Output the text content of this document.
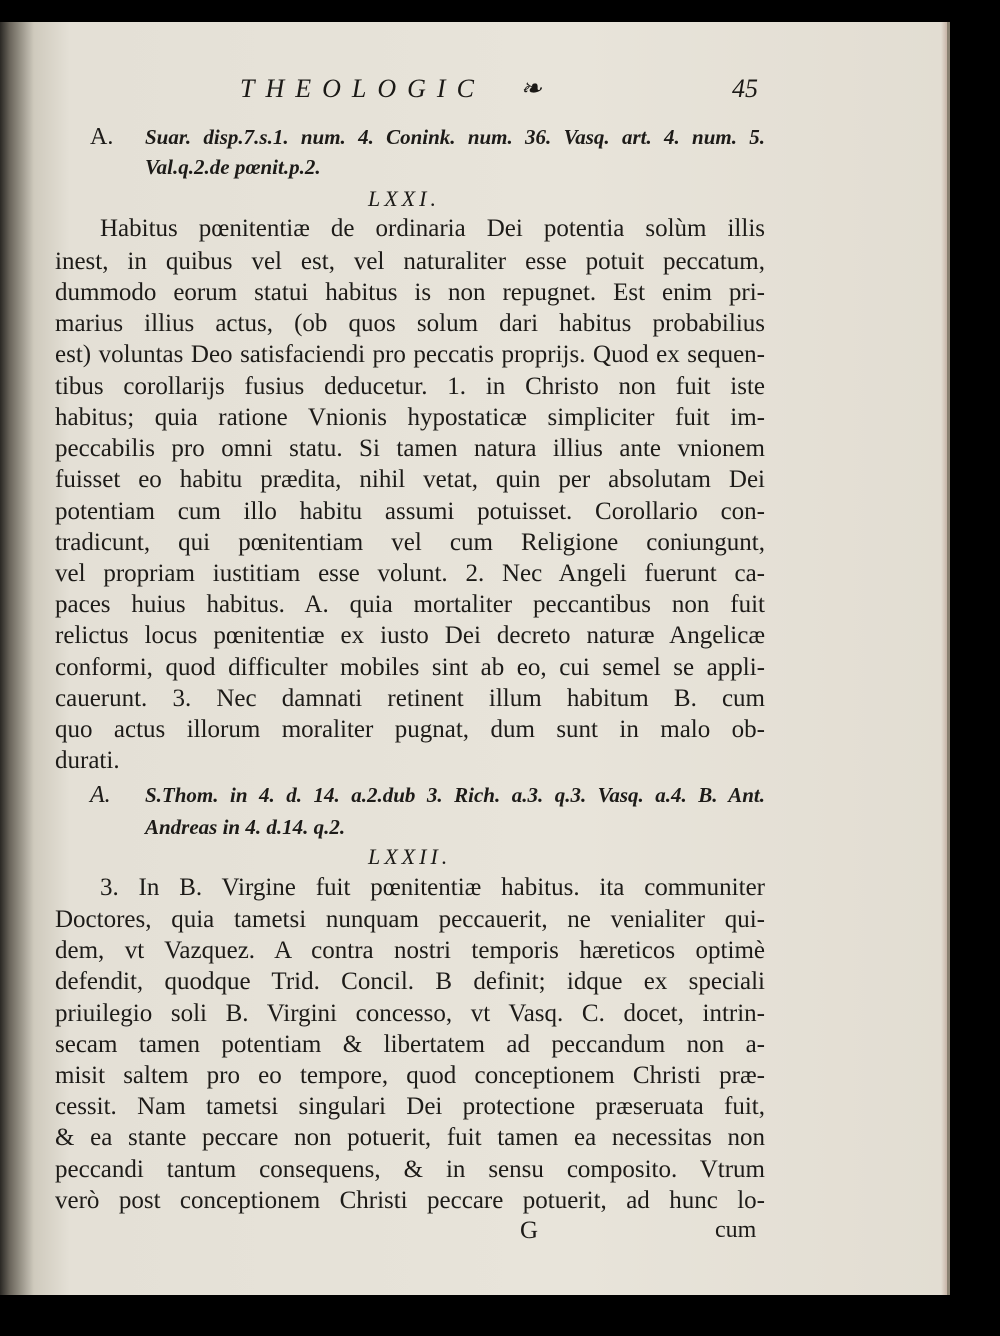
THEOLOGIC ❧	45
A. Suar. disp.7.s.1. num. 4. Conink. num. 36. Vasq. art. 4. num. 5.
Val.q.2.de pœnit.p.2.
LXXI.
Habitus pœnitentiæ de ordinaria Dei potentia solùm illis
inest, in quibus vel est, vel naturaliter esse potuit peccatum,
dummodo eorum statui habitus is non repugnet. Est enim pri-
marius illius actus, (ob quos solum dari habitus probabilius
est) voluntas Deo satisfaciendi pro peccatis proprijs. Quod ex sequen-
tibus corollarijs fusius deducetur. 1. in Christo non fuit iste
habitus; quia ratione Vnionis hypostaticæ simpliciter fuit im-
peccabilis pro omni statu. Si tamen natura illius ante vnionem
fuisset eo habitu prædita, nihil vetat, quin per absolutam Dei
potentiam cum illo habitu assumi potuisset. Corollario con-
tradicunt, qui pœnitentiam vel cum Religione coniungunt,
vel propriam iustitiam esse volunt. 2. Nec Angeli fuerunt ca-
paces huius habitus. A. quia mortaliter peccantibus non fuit
relictus locus pœnitentiæ ex iusto Dei decreto naturæ Angelicæ
conformi, quod difficulter mobiles sint ab eo, cui semel se appli-
cauerunt. 3. Nec damnati retinent illum habitum B. cum
quo actus illorum moraliter pugnat, dum sunt in malo ob-
durati.
A. S.Thom. in 4. d. 14. a.2.dub 3. Rich. a.3. q.3. Vasq. a.4. B. Ant.
Andreas in 4. d.14. q.2.
LXXII.
3. In B. Virgine fuit pœnitentiæ habitus. ita communiter
Doctores, quia tametsi nunquam peccauerit, ne venialiter qui-
dem, vt Vazquez. A contra nostri temporis hæreticos optimè
defendit, quodque Trid. Concil. B definit; idque ex speciali
priuilegio soli B. Virgini concesso, vt Vasq. C. docet, intrin-
secam tamen potentiam & libertatem ad peccandum non a-
misit saltem pro eo tempore, quod conceptionem Christi præ-
cessit. Nam tametsi singulari Dei protectione præseruata fuit,
& ea stante peccare non potuerit, fuit tamen ea necessitas non
peccandi tantum consequens, & in sensu composito. Vtrum
verò post conceptionem Christi peccare potuerit, ad hunc lo-
G	cum
